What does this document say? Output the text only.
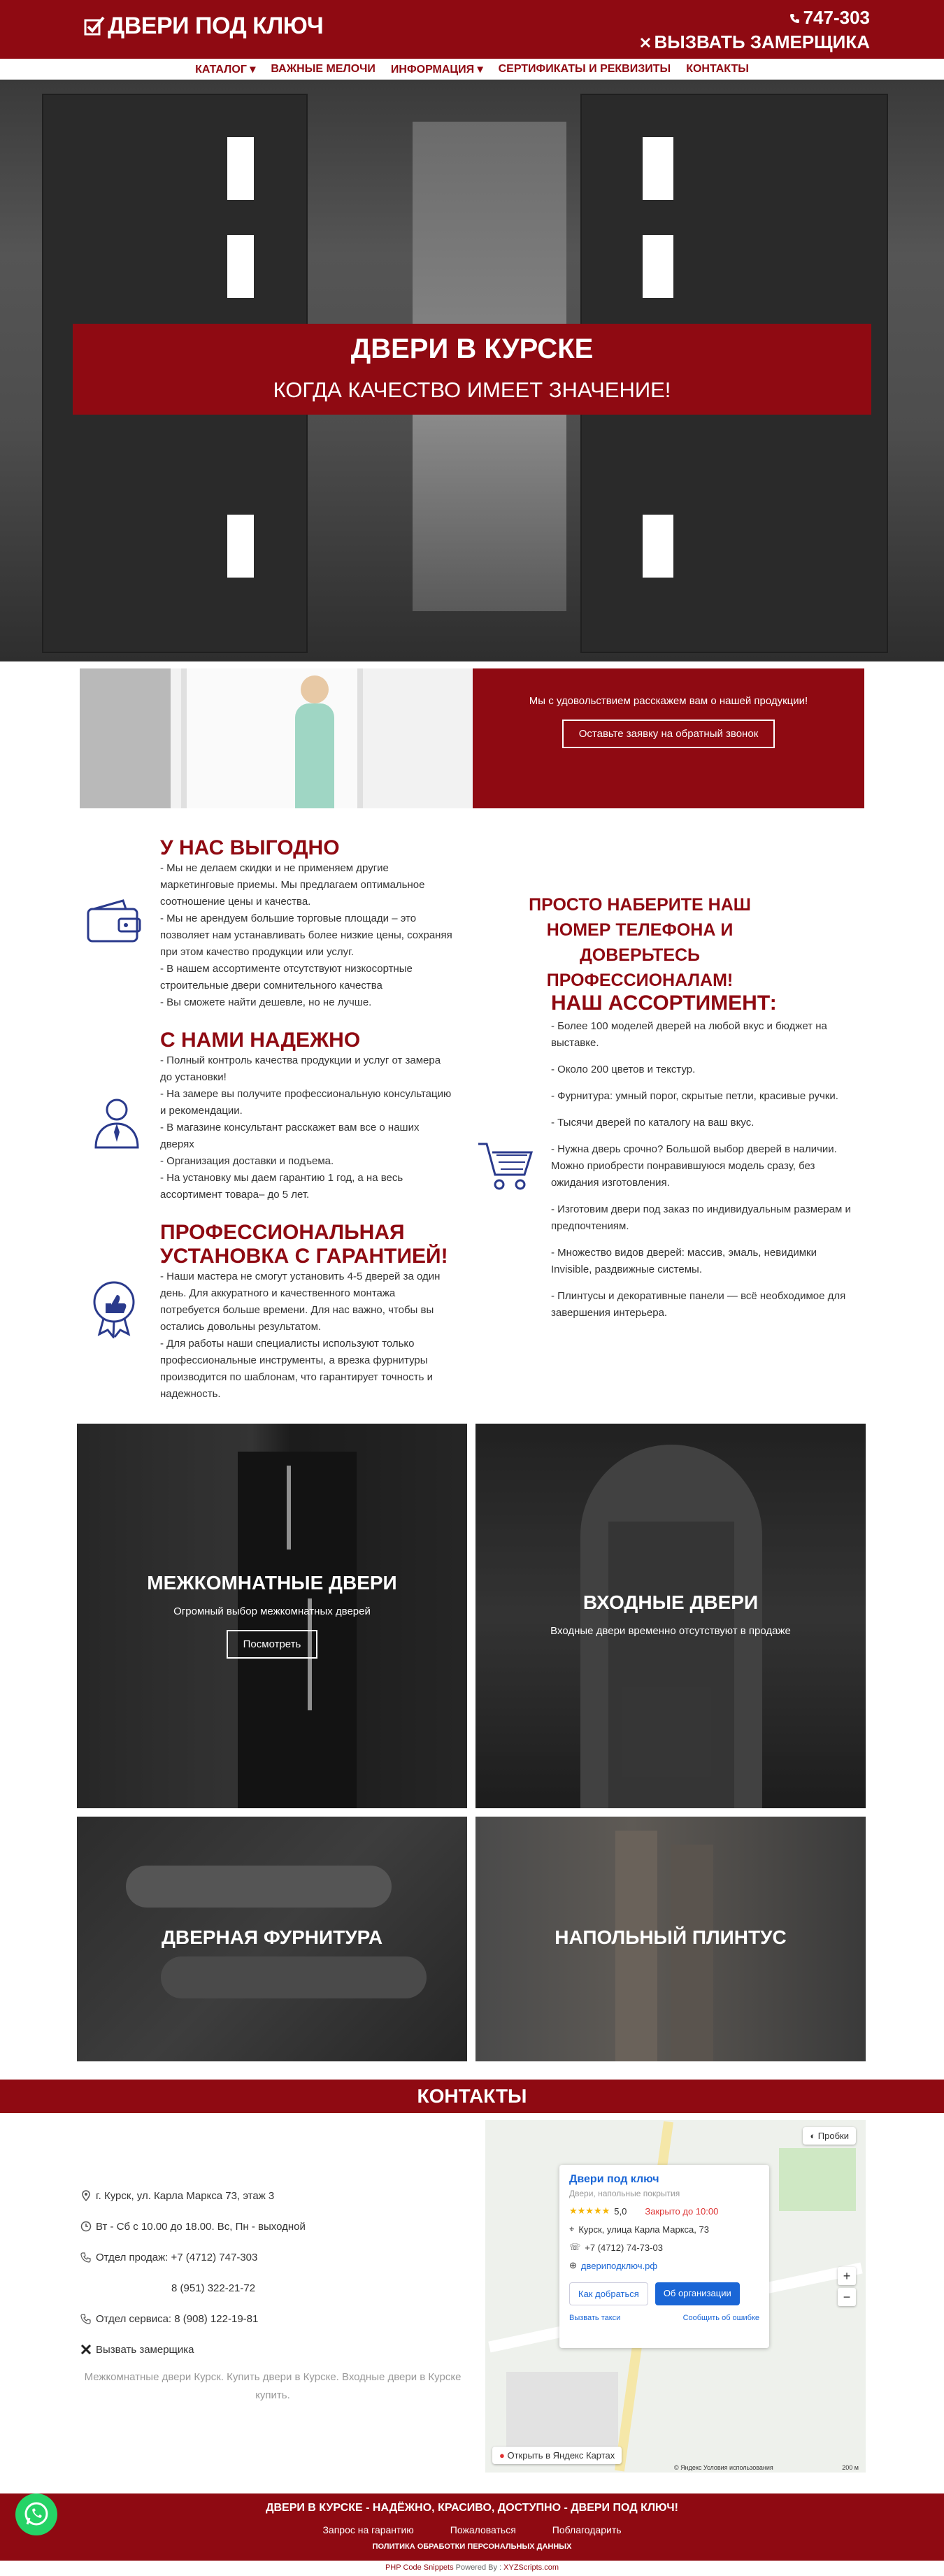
ДВЕРИ ПОД КЛЮЧ	747-303
ВЫЗВАТЬ ЗАМЕРЩИКА
КАТАЛОГ ▾ ВАЖНЫЕ МЕЛОЧИ ИНФОРМАЦИЯ ▾ СЕРТИФИКАТЫ И РЕКВИЗИТЫ КОНТАКТЫ
ДВЕРИ В КУРСКЕ
КОГДА КАЧЕСТВО ИМЕЕТ ЗНАЧЕНИЕ!
Мы с удовольствием расскажем вам о нашей продукции!
Оставьте заявку на обратный звонок
У НАС ВЫГОДНО
- Мы не делаем скидки и не применяем другие маркетинговые приемы. Мы предлагаем оптимальное соотношение цены и качества.
- Мы не арендуем большие торговые площади – это позволяет нам устанавливать более низкие цены, сохраняя при этом качество продукции или услуг.
- В нашем ассортименте отсутствуют низкосортные строительные двери сомнительного качества
- Вы сможете найти дешевле, но не лучше.
С НАМИ НАДЕЖНО
- Полный контроль качества продукции и услуг от замера до установки!
- На замере вы получите профессиональную консультацию и рекомендации.
- В магазине консультант расскажет вам все о наших дверях
- Организация доставки и подъема.
- На установку мы даем гарантию 1 год, а на весь ассортимент товара– до 5 лет.
ПРОФЕССИОНАЛЬНАЯ УСТАНОВКА С ГАРАНТИЕЙ!
- Наши мастера не смогут установить 4-5 дверей за один день. Для аккуратного и качественного монтажа потребуется больше времени. Для нас важно, чтобы вы остались довольны результатом.
- Для работы наши специалисты используют только профессиональные инструменты, а врезка фурнитуры производится по шаблонам, что гарантирует точность и надежность.
ПРОСТО НАБЕРИТЕ НАШ НОМЕР ТЕЛЕФОНА И ДОВЕРЬТЕСЬ ПРОФЕССИОНАЛАМ!
НАШ АССОРТИМЕНТ:
- Более 100 моделей дверей на любой вкус и бюджет на выставке.
- Около 200 цветов и текстур.
- Фурнитура: умный порог, скрытые петли, красивые ручки.
- Тысячи дверей по каталогу на ваш вкус.
- Нужна дверь срочно? Большой выбор дверей в наличии. Можно приобрести понравившуюся модель сразу, без ожидания изготовления.
- Изготовим двери под заказ по индивидуальным размерам и предпочтениям.
- Множество видов дверей: массив, эмаль, невидимки Invisible, раздвижные системы.
- Плинтусы и декоративные панели — всё необходимое для завершения интерьера.
МЕЖКОМНАТНЫЕ ДВЕРИ
Огромный выбор межкомнатных дверей
Посмотреть
ВХОДНЫЕ ДВЕРИ
Входные двери временно отсутствуют в продаже
ДВЕРНАЯ ФУРНИТУРА	НАПОЛЬНЫЙ ПЛИНТУС
КОНТАКТЫ
г. Курск, ул. Карла Маркса 73, этаж 3
Вт - Сб с 10.00 до 18.00. Вс, Пн - выходной
Отдел продаж: +7 (4712) 747-303
8 (951) 322-21-72
Отдел сервиса: 8 (908) 122-19-81
Вызвать замерщика
Межкомнатные двери Курск. Купить двери в Курске. Входные двери в Курске купить.
◐ Пробки
+
−
Двери под ключ
Двери, напольные покрытия
★★★★★ 5,0 Закрыто до 10:00
⌖ Курск, улица Карла Маркса, 73
☏ +7 (4712) 74-73-03
⊕ дверипoдключ.рф
Как добраться	Об организации
Вызвать такси	Сообщить об ошибке
● Открыть в Яндекс Картах
© Яндекс Условия использования	200 м
ДВЕРИ В КУРСКЕ - НАДЁЖНО, КРАСИВО, ДОСТУПНО - ДВЕРИ ПОД КЛЮЧ!
Запрос на гарантию	Пожаловаться	Поблагодарить
ПОЛИТИКА ОБРАБОТКИ ПЕРСОНАЛЬНЫХ ДАННЫХ
PHP Code Snippets Powered By : XYZScripts.com
